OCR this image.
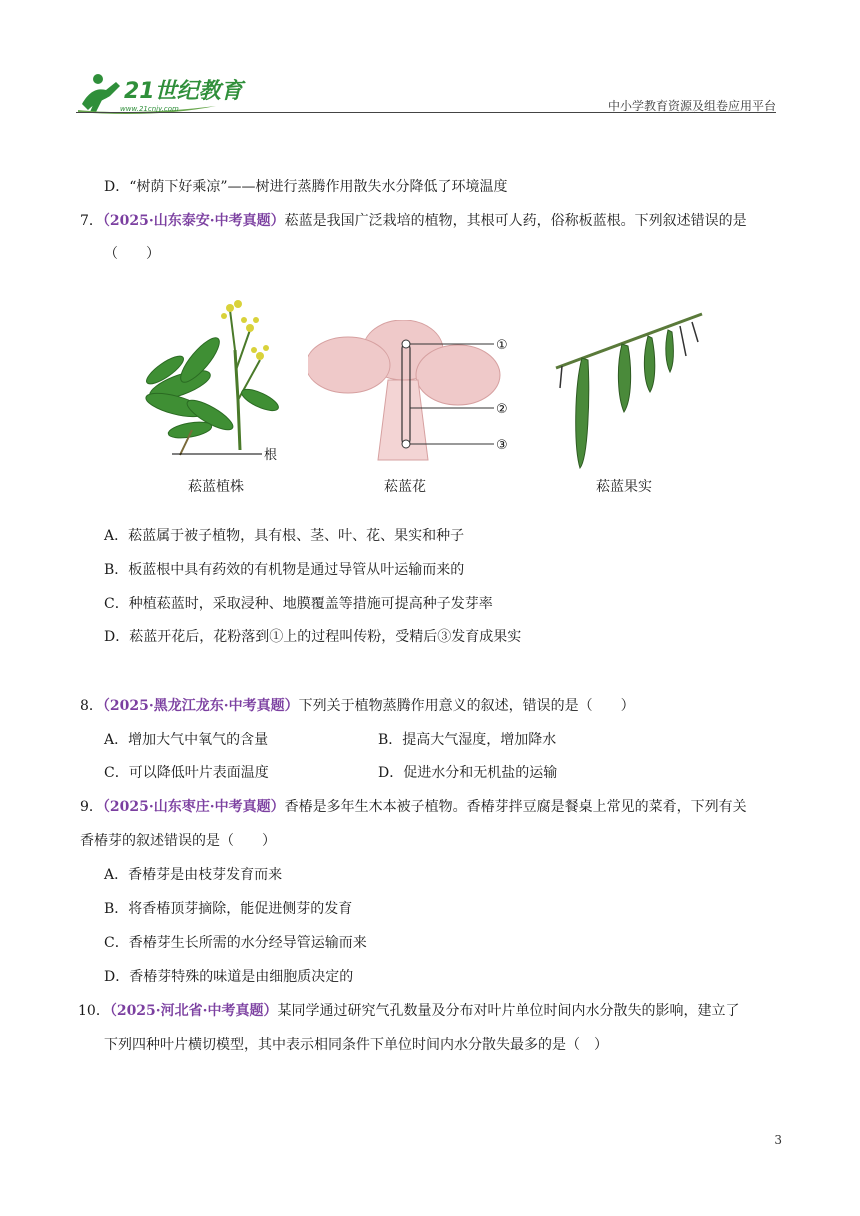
21世纪教育
www.21cnjy.com	中小学教育资源及组卷应用平台
D．“树荫下好乘凉”——树进行蒸腾作用散失水分降低了环境温度
7．（2025·山东泰安·中考真题）菘蓝是我国广泛栽培的植物，其根可人药，俗称板蓝根。下列叙述错误的是
（　　）
根
①
②
③
菘蓝植株	菘蓝花	菘蓝果实
A．菘蓝属于被子植物，具有根、茎、叶、花、果实和种子
B．板蓝根中具有药效的有机物是通过导管从叶运输而来的
C．种植菘蓝时，采取浸种、地膜覆盖等措施可提高种子发芽率
D．菘蓝开花后，花粉落到①上的过程叫传粉，受精后③发育成果实
8．（2025·黑龙江龙东·中考真题）下列关于植物蒸腾作用意义的叙述，错误的是（　　）
A．增加大气中氧气的含量	B．提高大气湿度，增加降水
C．可以降低叶片表面温度	D．促进水分和无机盐的运输
9．（2025·山东枣庄·中考真题）香椿是多年生木本被子植物。香椿芽拌豆腐是餐桌上常见的菜肴，下列有关
香椿芽的叙述错误的是（　　）
A．香椿芽是由枝芽发育而来
B．将香椿顶芽摘除，能促进侧芽的发育
C．香椿芽生长所需的水分经导管运输而来
D．香椿芽特殊的味道是由细胞质决定的
10．（2025·河北省·中考真题）某同学通过研究气孔数量及分布对叶片单位时间内水分散失的影响，建立了
下列四种叶片横切模型，其中表示相同条件下单位时间内水分散失最多的是（　）
3
